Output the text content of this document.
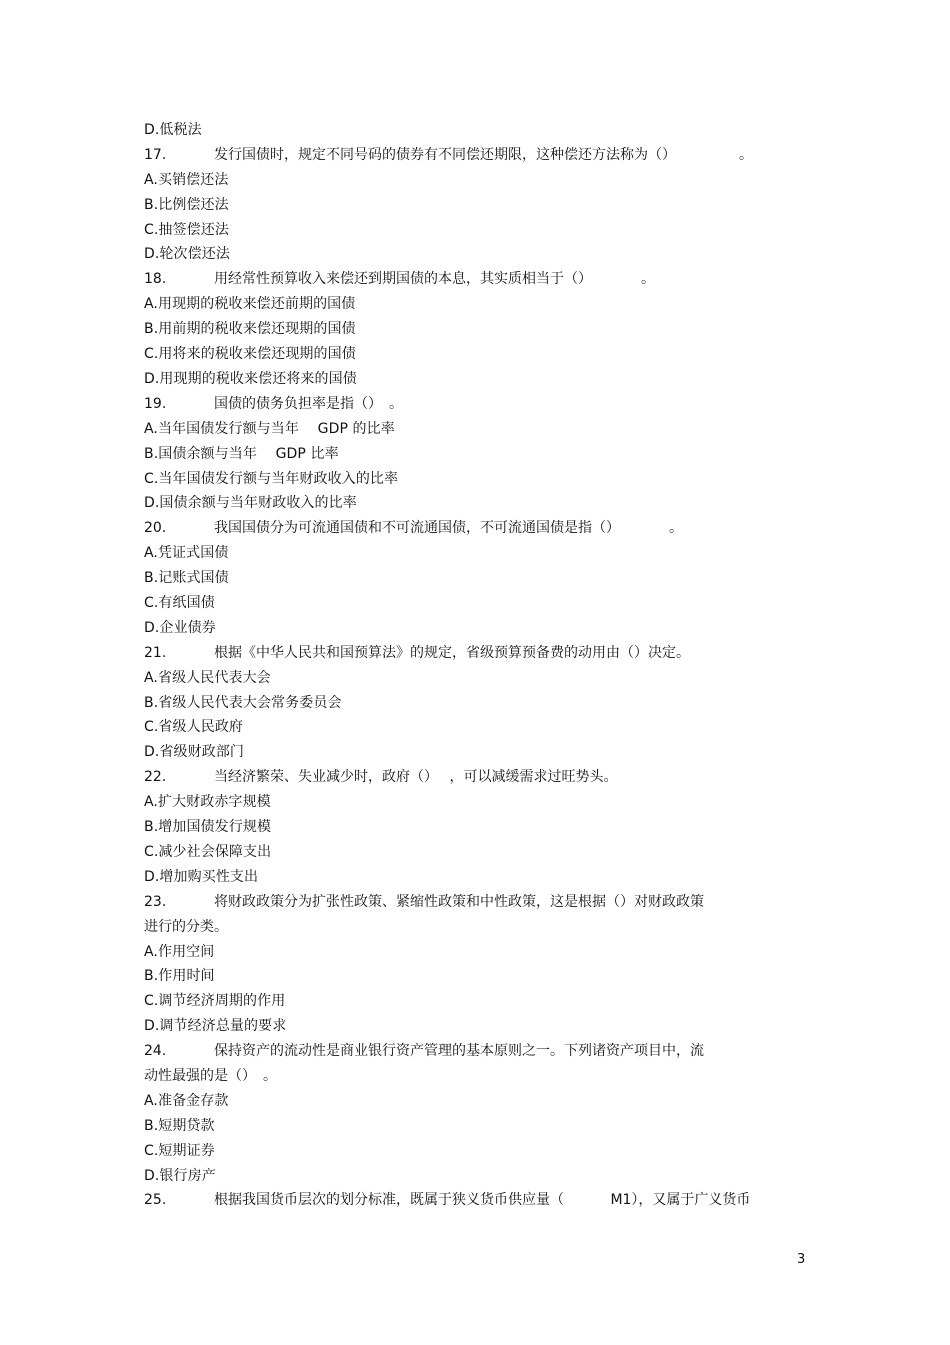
D.低税法
17.	发行国债时，规定不同号码的债券有不同偿还期限，这种偿还方法称为（）　　　　　。
A.买销偿还法
B.比例偿还法
C.抽签偿还法
D.轮次偿还法
18.	用经常性预算收入来偿还到期国债的本息，其实质相当于（）　　　　。
A.用现期的税收来偿还前期的国债
B.用前期的税收来偿还现期的国债
C.用将来的税收来偿还现期的国债
D.用现期的税收来偿还将来的国债
19.	国债的债务负担率是指（）　。
A.当年国债发行额与当年　 GDP 的比率
B.国债余额与当年　 GDP 比率
C.当年国债发行额与当年财政收入的比率
D.国债余额与当年财政收入的比率
20.	我国国债分为可流通国债和不可流通国债，不可流通国债是指（）　　　　。
A.凭证式国债
B.记账式国债
C.有纸国债
D.企业债券
21.	根据《中华人民共和国预算法》的规定，省级预算预备费的动用由（）决定。
A.省级人民代表大会
B.省级人民代表大会常务委员会
C.省级人民政府
D.省级财政部门
22.	当经济繁荣、失业减少时，政府（）　 ，可以减缓需求过旺势头。
A.扩大财政赤字规模
B.增加国债发行规模
C.减少社会保障支出
D.增加购买性支出
23.	将财政政策分为扩张性政策、紧缩性政策和中性政策，这是根据（）对财政政策
进行的分类。
A.作用空间
B.作用时间
C.调节经济周期的作用
D.调节经济总量的要求
24.	保持资产的流动性是商业银行资产管理的基本原则之一。下列诸资产项目中，流
动性最强的是（）　。
A.准备金存款
B.短期贷款
C.短期证券
D.银行房产
25.	根据我国货币层次的划分标准，既属于狭义货币供应量（　　　 M1），又属于广义货币
3
